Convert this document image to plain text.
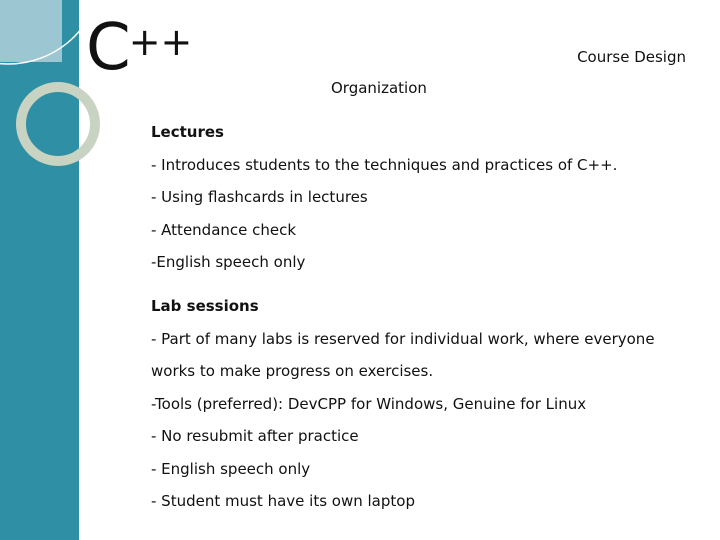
C++	Course Design
Organization
Lectures
- Introduces students to the techniques and practices of C++.
- Using flashcards in lectures
- Attendance check
-English speech only
Lab sessions
- Part of many labs is reserved for individual work, where everyone
works to make progress on exercises.
-Tools (preferred): DevCPP for Windows, Genuine for Linux
- No resubmit after practice
- English speech only
- Student must have its own laptop
